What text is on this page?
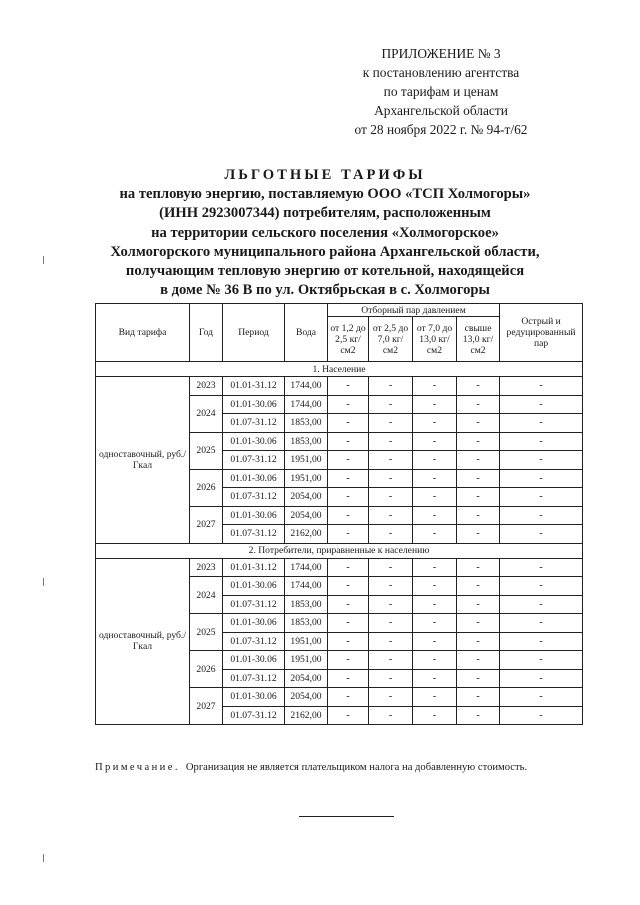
ПРИЛОЖЕНИЕ № 3
к постановлению агентства
по тарифам и ценам
Архангельской области
от 28 ноября 2022 г. № 94-т/62
ЛЬГОТНЫЕ ТАРИФЫ
на тепловую энергию, поставляемую ООО «ТСП Холмогоры»
(ИНН 2923007344) потребителям, расположенным
на территории сельского поселения «Холмогорское»
Холмогорского муниципального района Архангельской области,
получающим тепловую энергию от котельной, находящейся
в доме № 36 В по ул. Октябрьская в с. Холмогоры
Вид тарифа	Год	Период	Вода	Отборный пар давлением				Острый и редуцированный пар
				от 1,2 до 2,5 кг/см2	от 2,5 до 7,0 кг/см2	от 7,0 до 13,0 кг/см2	свыше 13,0 кг/см2	
1. Население								
одноставочный, руб./Гкал	2023	01.01-31.12	1744,00	-	-	-	-	-
	2024	01.01-30.06	1744,00	-	-	-	-	-
		01.07-31.12	1853,00	-	-	-	-	-
	2025	01.01-30.06	1853,00	-	-	-	-	-
		01.07-31.12	1951,00	-	-	-	-	-
	2026	01.01-30.06	1951,00	-	-	-	-	-
		01.07-31.12	2054,00	-	-	-	-	-
	2027	01.01-30.06	2054,00	-	-	-	-	-
		01.07-31.12	2162,00	-	-	-	-	-
2. Потребители, приравненные к населению								
одноставочный, руб./Гкал	2023	01.01-31.12	1744,00	-	-	-	-	-
	2024	01.01-30.06	1744,00	-	-	-	-	-
		01.07-31.12	1853,00	-	-	-	-	-
	2025	01.01-30.06	1853,00	-	-	-	-	-
		01.07-31.12	1951,00	-	-	-	-	-
	2026	01.01-30.06	1951,00	-	-	-	-	-
		01.07-31.12	2054,00	-	-	-	-	-
	2027	01.01-30.06	2054,00	-	-	-	-	-
		01.07-31.12	2162,00	-	-	-	-	-
Примечание. Организация не является плательщиком налога на добавленную стоимость.
